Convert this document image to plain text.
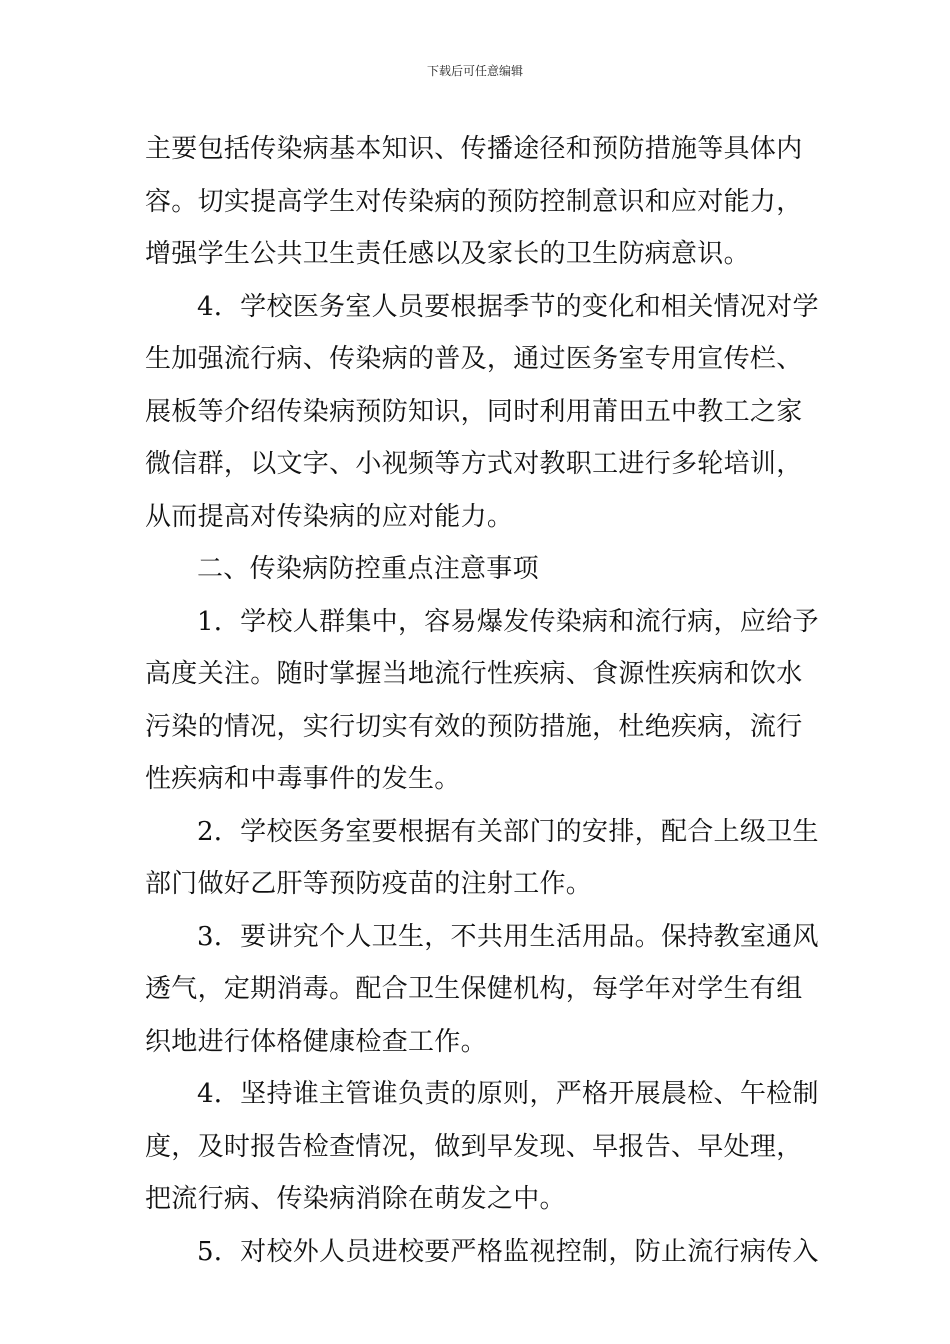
下载后可任意编辑
主要包括传染病基本知识、传播途径和预防措施等具体内
容。切实提高学生对传染病的预防控制意识和应对能力，
增强学生公共卫生责任感以及家长的卫生防病意识。
4．学校医务室人员要根据季节的变化和相关情况对学
生加强流行病、传染病的普及，通过医务室专用宣传栏、
展板等介绍传染病预防知识，同时利用莆田五中教工之家
微信群，以文字、小视频等方式对教职工进行多轮培训，
从而提高对传染病的应对能力。
二、传染病防控重点注意事项
1．学校人群集中，容易爆发传染病和流行病，应给予
高度关注。随时掌握当地流行性疾病、食源性疾病和饮水
污染的情况，实行切实有效的预防措施，杜绝疾病，流行
性疾病和中毒事件的发生。
2．学校医务室要根据有关部门的安排，配合上级卫生
部门做好乙肝等预防疫苗的注射工作。
3．要讲究个人卫生，不共用生活用品。保持教室通风
透气，定期消毒。配合卫生保健机构，每学年对学生有组
织地进行体格健康检查工作。
4．坚持谁主管谁负责的原则，严格开展晨检、午检制
度，及时报告检查情况，做到早发现、早报告、早处理，
把流行病、传染病消除在萌发之中。
5．对校外人员进校要严格监视控制，防止流行病传入
